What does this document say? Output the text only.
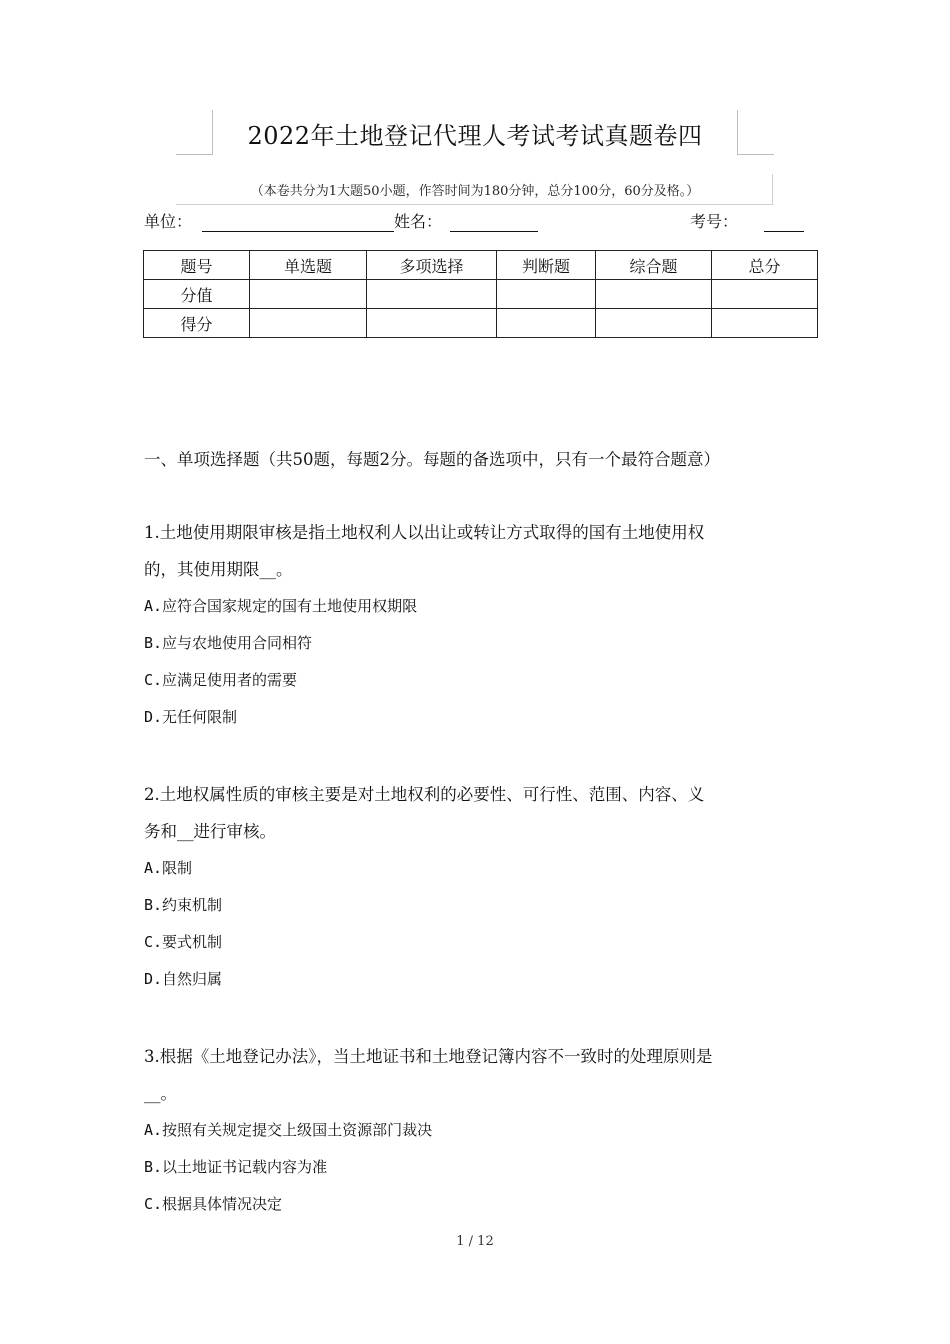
2022年土地登记代理人考试考试真题卷四
（本卷共分为1大题50小题，作答时间为180分钟，总分100分，60分及格。）
单位：	姓名：	考号：
题号	单选题	多项选择	判断题	综合题	总分
分值					
得分					
一、单项选择题（共50题，每题2分。每题的备选项中，只有一个最符合题意）

1.土地使用期限审核是指土地权利人以出让或转让方式取得的国有土地使用权

的，其使用期限__。

A.应符合国家规定的国有土地使用权期限

B.应与农地使用合同相符

C.应满足使用者的需要

D.无任何限制

2.土地权属性质的审核主要是对土地权利的必要性、可行性、范围、内容、义

务和__进行审核。

A.限制

B.约束机制

C.要式机制

D.自然归属

3.根据《土地登记办法》，当土地证书和土地登记簿内容不一致时的处理原则是

__。

A.按照有关规定提交上级国土资源部门裁决

B.以土地证书记载内容为准

C.根据具体情况决定

1 / 12
